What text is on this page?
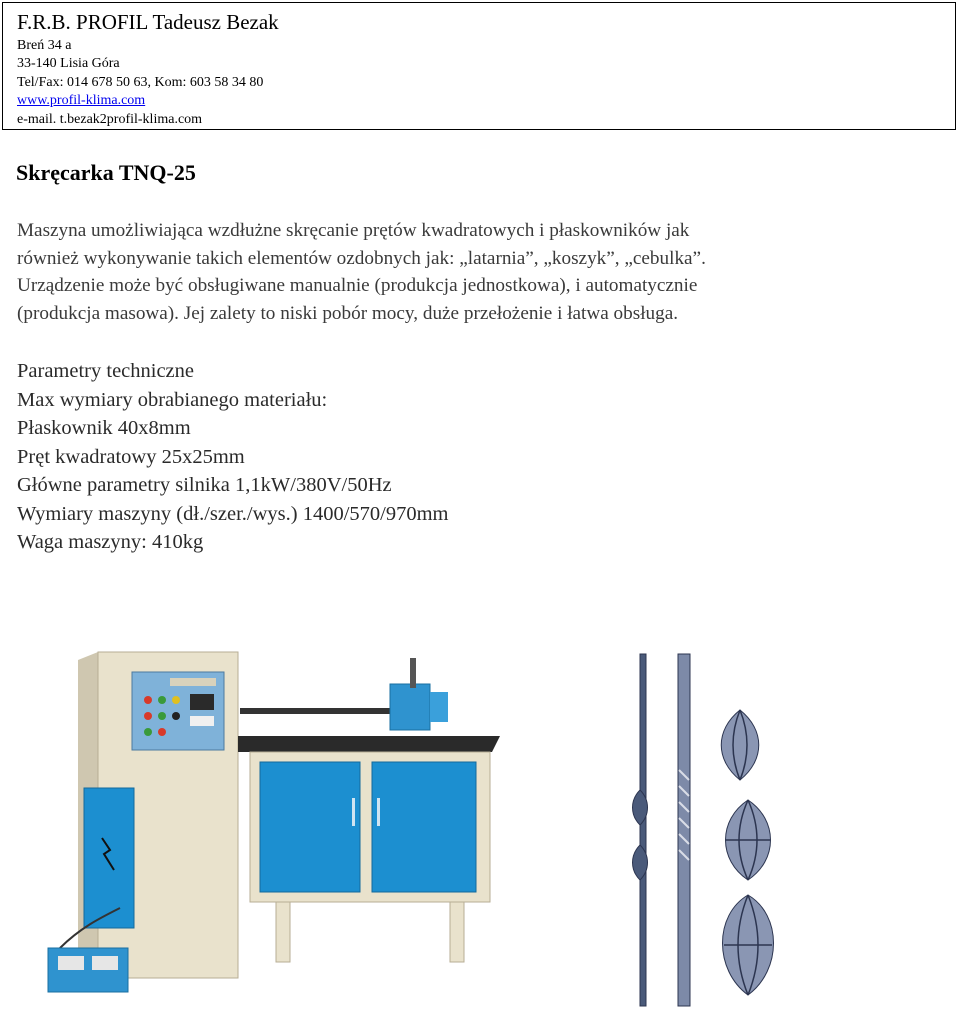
F.R.B. PROFIL Tadeusz Bezak

Breń 34 a

33-140 Lisia Góra

Tel/Fax: 014 678 50 63, Kom: 603 58 34 80

www.profil-klima.com

e-mail. t.bezak2profil-klima.com

Skręcarka TNQ-25

Maszyna umożliwiająca wzdłużne skręcanie prętów kwadratowych i płaskowników jak
również wykonywanie takich elementów ozdobnych jak: „latarnia”, „koszyk”, „cebulka”.
Urządzenie może być obsługiwane manualnie (produkcja jednostkowa), i automatycznie
(produkcja masowa). Jej zalety to niski pobór mocy, duże przełożenie i łatwa obsługa.

Parametry techniczne
Max wymiary obrabianego materiału:
Płaskownik 40x8mm
Pręt kwadratowy 25x25mm
Główne parametry silnika 1,1kW/380V/50Hz
Wymiary maszyny (dł./szer./wys.) 1400/570/970mm
Waga maszyny: 410kg
